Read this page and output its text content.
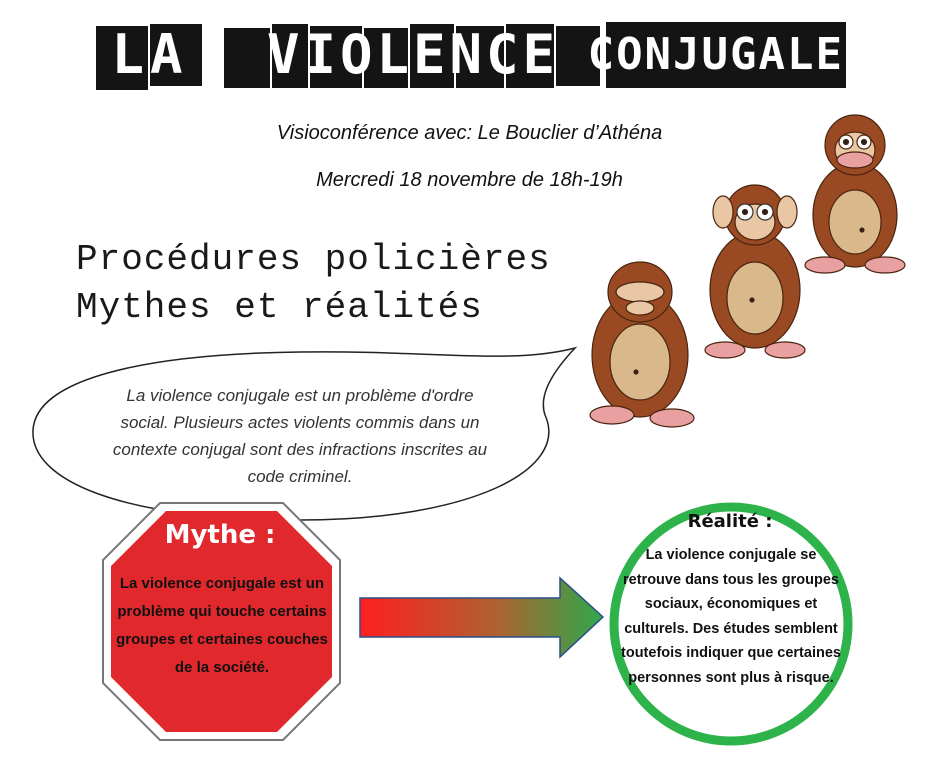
LA	VIOLENCE CONJUGALE
Visioconférence avec: Le Bouclier d’Athéna
Mercredi 18 novembre de 18h-19h
Procédures policières
Mythes et réalités
La violence conjugale est un problème d'ordre social. Plusieurs actes violents commis dans un contexte conjugal sont des infractions inscrites au code criminel.
Mythe :
La violence conjugale est un problème qui touche certains groupes et certaines couches de la société.
Réalité :
La violence conjugale se retrouve dans tous les groupes sociaux, économiques et culturels. Des études semblent toutefois indiquer que certaines personnes sont plus à risque.
